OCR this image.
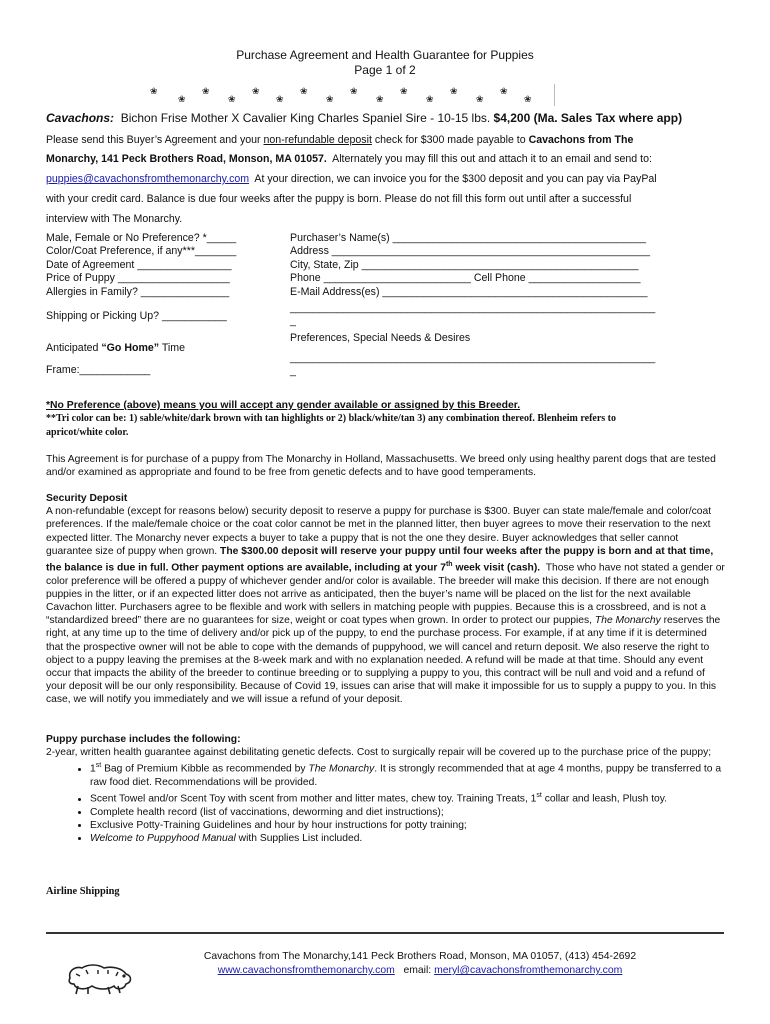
Purchase Agreement and Health Guarantee for Puppies
Page 1 of 2
❀
❀
❀
❀
❀
❀
❀
❀
❀
❀
❀
❀
❀
❀
❀
❀
Cavachons: Bichon Frise Mother X Cavalier King Charles Spaniel Sire - 10-15 lbs. $4,200 (Ma. Sales Tax where app)
Please send this Buyer’s Agreement and your non-refundable deposit check for $300 made payable to Cavachons from The
Monarchy, 141 Peck Brothers Road, Monson, MA 01057. Alternately you may fill this out and attach it to an email and send to:
puppies@cavachonsfromthemonarchy.com At your direction, we can invoice you for the $300 deposit and you can pay via PayPal
with your credit card. Balance is due four weeks after the puppy is born. Please do not fill this form out until after a successful
interview with The Monarchy.
Male, Female or No Preference? *_____
Color/Coat Preference, if any***_______
Date of Agreement ________________
Price of Puppy ___________________
Allergies in Family? _______________
Shipping or Picking Up? ___________
Anticipated “Go Home” Time
Frame:____________
Purchaser’s Name(s) ___________________________________________
Address ______________________________________________________
City, State, Zip _______________________________________________
Phone _________________________ Cell Phone ___________________
E-Mail Address(es) _____________________________________________
______________________________________________________________
_
Preferences, Special Needs & Desires
______________________________________________________________
_
*No Preference (above) means you will accept any gender available or assigned by this Breeder.
**Tri color can be: 1) sable/white/dark brown with tan highlights or 2) black/white/tan 3) any combination thereof. Blenheim refers to
apricot/white color.
This Agreement is for purchase of a puppy from The Monarchy in Holland, Massachusetts. We breed only using healthy parent dogs that are tested and/or examined as appropriate and found to be free from genetic defects and to have good temperaments.

Security Deposit

A non-refundable (except for reasons below) security deposit to reserve a puppy for purchase is $300. Buyer can state male/female and color/coat preferences. If the male/female choice or the coat color cannot be met in the planned litter, then buyer agrees to move their reservation to the next expected litter. The Monarchy never expects a buyer to take a puppy that is not the one they desire. Buyer acknowledges that seller cannot guarantee size of puppy when grown. The $300.00 deposit will reserve your puppy until four weeks after the puppy is born and at that time, the balance is due in full. Other payment options are available, including at your 7th week visit (cash). Those who have not stated a gender or color preference will be offered a puppy of whichever gender and/or color is available. The breeder will make this decision. If there are not enough puppies in the litter, or if an expected litter does not arrive as anticipated, then the buyer’s name will be placed on the list for the next available Cavachon litter. Purchasers agree to be flexible and work with sellers in matching people with puppies. Because this is a crossbreed, and is not a “standardized breed” there are no guarantees for size, weight or coat types when grown. In order to protect our puppies, The Monarchy reserves the right, at any time up to the time of delivery and/or pick up of the puppy, to end the purchase process. For example, if at any time if it is determined that the prospective owner will not be able to cope with the demands of puppyhood, we will cancel and return deposit. We also reserve the right to object to a puppy leaving the premises at the 8-week mark and with no explanation needed. A refund will be made at that time. Should any event occur that impacts the ability of the breeder to continue breeding or to supplying a puppy to you, this contract will be null and void and a refund of your deposit will be our only responsibility. Because of Covid 19, issues can arise that will make it impossible for us to supply a puppy to you. In this case, we will notify you immediately and we will issue a refund of your deposit.

Puppy purchase includes the following:

2-year, written health guarantee against debilitating genetic defects. Cost to surgically repair will be covered up to the purchase price of the puppy;

• 1st Bag of Premium Kibble as recommended by The Monarchy. It is strongly recommended that at age 4 months, puppy be transferred to a raw food diet. Recommendations will be provided.
• Scent Towel and/or Scent Toy with scent from mother and litter mates, chew toy. Training Treats, 1st collar and leash, Plush toy.
• Complete health record (list of vaccinations, deworming and diet instructions);
• Exclusive Potty-Training Guidelines and hour by hour instructions for potty training;
• Welcome to Puppyhood Manual with Supplies List included.
Airline Shipping
Cavachons from The Monarchy,141 Peck Brothers Road, Monson, MA 01057, (413) 454-2692
www.cavachonsfromthemonarchy.com email: meryl@cavachonsfromthemonarchy.com
